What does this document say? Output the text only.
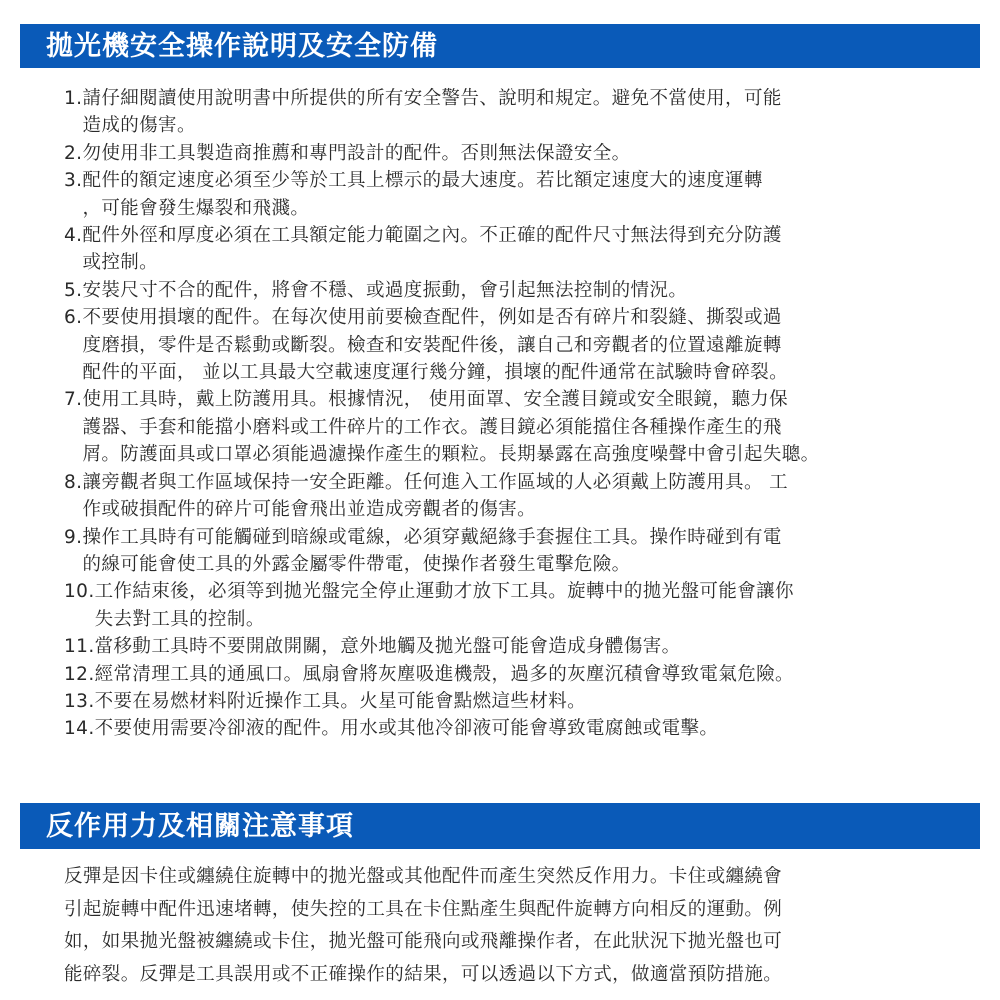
拋光機安全操作說明及安全防備
1. 請仔細閱讀使用說明書中所提供的所有安全警告、說明和規定。避免不當使用，可能
造成的傷害。
2. 勿使用非工具製造商推薦和專門設計的配件。否則無法保證安全。
3. 配件的額定速度必須至少等於工具上標示的最大速度。若比額定速度大的速度運轉
，可能會發生爆裂和飛濺。
4. 配件外徑和厚度必須在工具額定能力範圍之內。不正確的配件尺寸無法得到充分防護
或控制。
5. 安裝尺寸不合的配件，將會不穩、或過度振動，會引起無法控制的情況。
6. 不要使用損壞的配件。在每次使用前要檢查配件，例如是否有碎片和裂縫、撕裂或過
度磨損，零件是否鬆動或斷裂。檢查和安裝配件後，讓自己和旁觀者的位置遠離旋轉
配件的平面， 並以工具最大空載速度運行幾分鐘，損壞的配件通常在試驗時會碎裂。
7. 使用工具時，戴上防護用具。根據情況， 使用面罩、安全護目鏡或安全眼鏡，聽力保
護器、手套和能擋小磨料或工件碎片的工作衣。護目鏡必須能擋住各種操作產生的飛
屑。防護面具或口罩必須能過濾操作產生的顆粒。長期暴露在高強度噪聲中會引起失聰。
8. 讓旁觀者與工作區域保持一安全距離。任何進入工作區域的人必須戴上防護用具。 工
作或破損配件的碎片可能會飛出並造成旁觀者的傷害。
9. 操作工具時有可能觸碰到暗線或電線，必須穿戴絕緣手套握住工具。操作時碰到有電
的線可能會使工具的外露金屬零件帶電，使操作者發生電擊危險。
10. 工作結束後，必須等到拋光盤完全停止運動才放下工具。旋轉中的拋光盤可能會讓你
失去對工具的控制。
11. 當移動工具時不要開啟開關，意外地觸及拋光盤可能會造成身體傷害。
12. 經常清理工具的通風口。風扇會將灰塵吸進機殼，過多的灰塵沉積會導致電氣危險。
13. 不要在易燃材料附近操作工具。火星可能會點燃這些材料。
14. 不要使用需要冷卻液的配件。用水或其他冷卻液可能會導致電腐蝕或電擊。
反作用力及相關注意事項
反彈是因卡住或纏繞住旋轉中的拋光盤或其他配件而產生突然反作用力。卡住或纏繞會
引起旋轉中配件迅速堵轉，使失控的工具在卡住點產生與配件旋轉方向相反的運動。例
如，如果拋光盤被纏繞或卡住，拋光盤可能飛向或飛離操作者，在此狀況下拋光盤也可
能碎裂。反彈是工具誤用或不正確操作的結果，可以透過以下方式，做適當預防措施。
